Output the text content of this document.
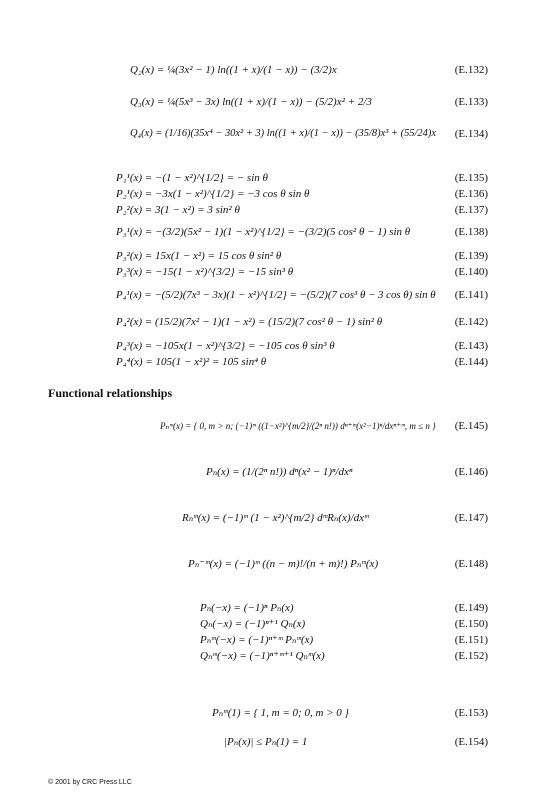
Q₂(x) = ¼(3x² − 1) ln((1 + x)/(1 − x)) − (3/2)x	(E.132)
Q₃(x) = ¼(5x³ − 3x) ln((1 + x)/(1 − x)) − (5/2)x² + 2/3	(E.133)
Q₄(x) = (1/16)(35x⁴ − 30x² + 3) ln((1 + x)/(1 − x)) − (35/8)x³ + (55/24)x (E.134)
P₁¹(x) = −(1 − x²)^{1/2} = − sin θ	(E.135)
P₂¹(x) = −3x(1 − x²)^{1/2} = −3 cos θ sin θ	(E.136)
P₂²(x) = 3(1 − x²) = 3 sin² θ	(E.137)
P₃¹(x) = −(3/2)(5x² − 1)(1 − x²)^{1/2} = −(3/2)(5 cos² θ − 1) sin θ	(E.138)
P₃²(x) = 15x(1 − x²) = 15 cos θ sin² θ	(E.139)
P₃³(x) = −15(1 − x²)^{3/2} = −15 sin³ θ	(E.140)
P₄¹(x) = −(5/2)(7x³ − 3x)(1 − x²)^{1/2} = −(5/2)(7 cos³ θ − 3 cos θ) sin θ (E.141)
P₄²(x) = (15/2)(7x² − 1)(1 − x²) = (15/2)(7 cos² θ − 1) sin² θ	(E.142)
P₄³(x) = −105x(1 − x²)^{3/2} = −105 cos θ sin³ θ	(E.143)
P₄⁴(x) = 105(1 − x²)² = 105 sin⁴ θ	(E.144)
Functional relationships
Pₙᵐ(x) = { 0, m > n; (−1)ᵐ ((1−x²)^{m/2}/(2ⁿ n!)) dⁿ⁺ᵐ(x²−1)ⁿ/dxⁿ⁺ᵐ, m ≤ n } (E.145)
Pₙ(x) = (1/(2ⁿ n!)) dⁿ(x² − 1)ⁿ/dxⁿ	(E.146)
Rₙᵐ(x) = (−1)ᵐ (1 − x²)^{m/2} dᵐRₙ(x)/dxᵐ	(E.147)
Pₙ⁻ᵐ(x) = (−1)ᵐ ((n − m)!/(n + m)!) Pₙᵐ(x)	(E.148)
Pₙ(−x) = (−1)ⁿ Pₙ(x)	(E.149)
Qₙ(−x) = (−1)ⁿ⁺¹ Qₙ(x)	(E.150)
Pₙᵐ(−x) = (−1)ⁿ⁺ᵐ Pₙᵐ(x)	(E.151)
Qₙᵐ(−x) = (−1)ⁿ⁺ᵐ⁺¹ Qₙᵐ(x)	(E.152)
Pₙᵐ(1) = { 1, m = 0; 0, m > 0 }	(E.153)
|Pₙ(x)| ≤ Pₙ(1) = 1	(E.154)
© 2001 by CRC Press LLC
